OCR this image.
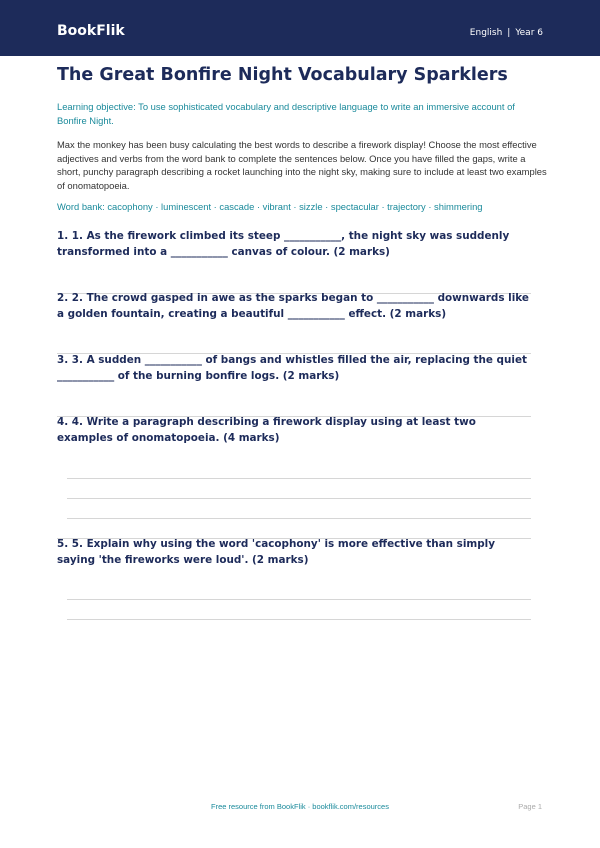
BookFlik	English | Year 6
The Great Bonfire Night Vocabulary Sparklers

Learning objective: To use sophisticated vocabulary and descriptive language to write an immersive account of Bonfire Night.

Max the monkey has been busy calculating the best words to describe a firework display! Choose the most effective adjectives and verbs from the word bank to complete the sentences below. Once you have filled the gaps, write a short, punchy paragraph describing a rocket launching into the night sky, making sure to include at least two examples of onomatopoeia.

Word bank: cacophony · luminescent · cascade · vibrant · sizzle · spectacular · trajectory · shimmering

1. 1. As the firework climbed its steep ___________, the night sky was suddenly transformed into a ___________ canvas of colour. (2 marks)

2. 2. The crowd gasped in awe as the sparks began to ___________ downwards like a golden fountain, creating a beautiful ___________ effect. (2 marks)

3. 3. A sudden ___________ of bangs and whistles filled the air, replacing the quiet ___________ of the burning bonfire logs. (2 marks)

4. 4. Write a paragraph describing a firework display using at least two examples of onomatopoeia. (4 marks)

5. 5. Explain why using the word 'cacophony' is more effective than simply saying 'the fireworks were loud'. (2 marks)

Free resource from BookFlik · bookflik.com/resources	Page 1
